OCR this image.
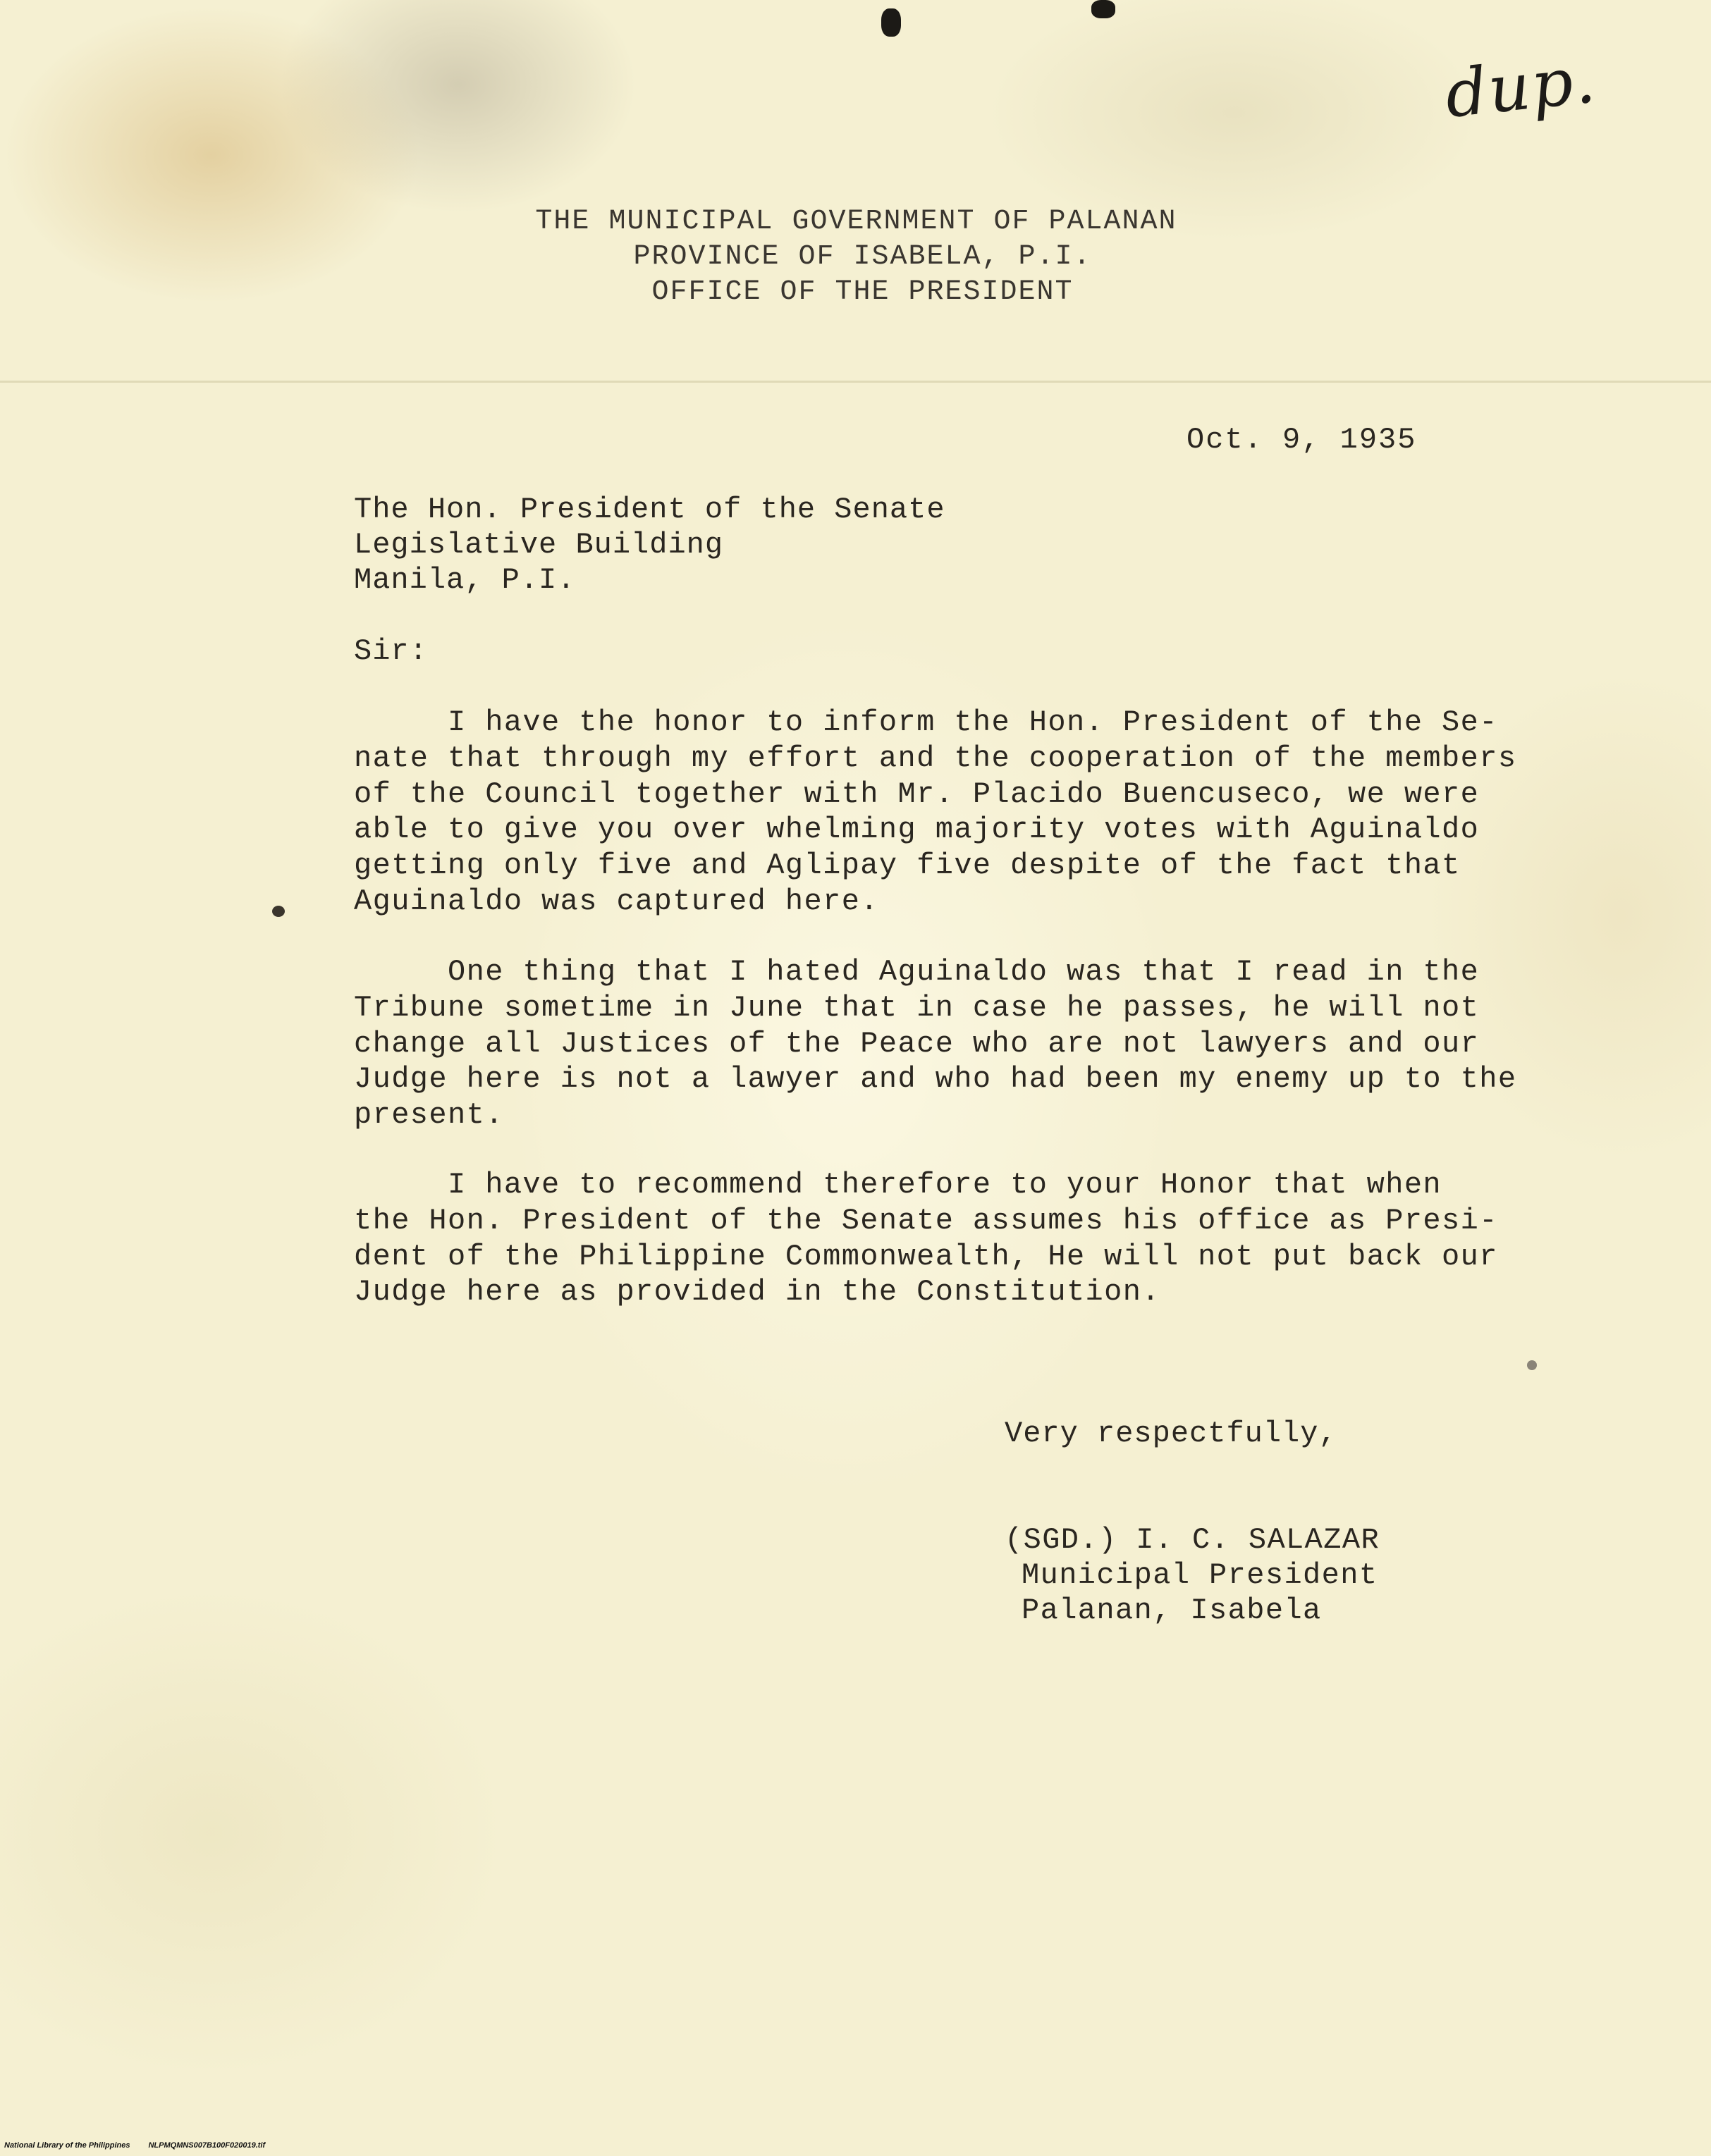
dup.
THE MUNICIPAL GOVERNMENT OF PALANAN
PROVINCE OF ISABELA, P.I.
OFFICE OF THE PRESIDENT
Oct. 9, 1935
The Hon. President of the Senate
Legislative Building
Manila, P.I.
Sir:
I have the honor to inform the Hon. President of the Se-
nate that through my effort and the cooperation of the members
of the Council together with Mr. Placido Buencuseco, we were
able to give you over whelming majority votes with Aguinaldo
getting only five and Aglipay five despite of the fact that
Aguinaldo was captured here.
One thing that I hated Aguinaldo was that I read in the
Tribune sometime in June that in case he passes, he will not
change all Justices of the Peace who are not lawyers and our
Judge here is not a lawyer and who had been my enemy up to the
present.
I have to recommend therefore to your Honor that when
the Hon. President of the Senate assumes his office as Presi-
dent of the Philippine Commonwealth, He will not put back our
Judge here as provided in the Constitution.
Very respectfully,
(SGD.) I. C. SALAZAR
Municipal President
Palanan, Isabela
National Library of the Philippines NLPMQMNS007B100F020019.tif
